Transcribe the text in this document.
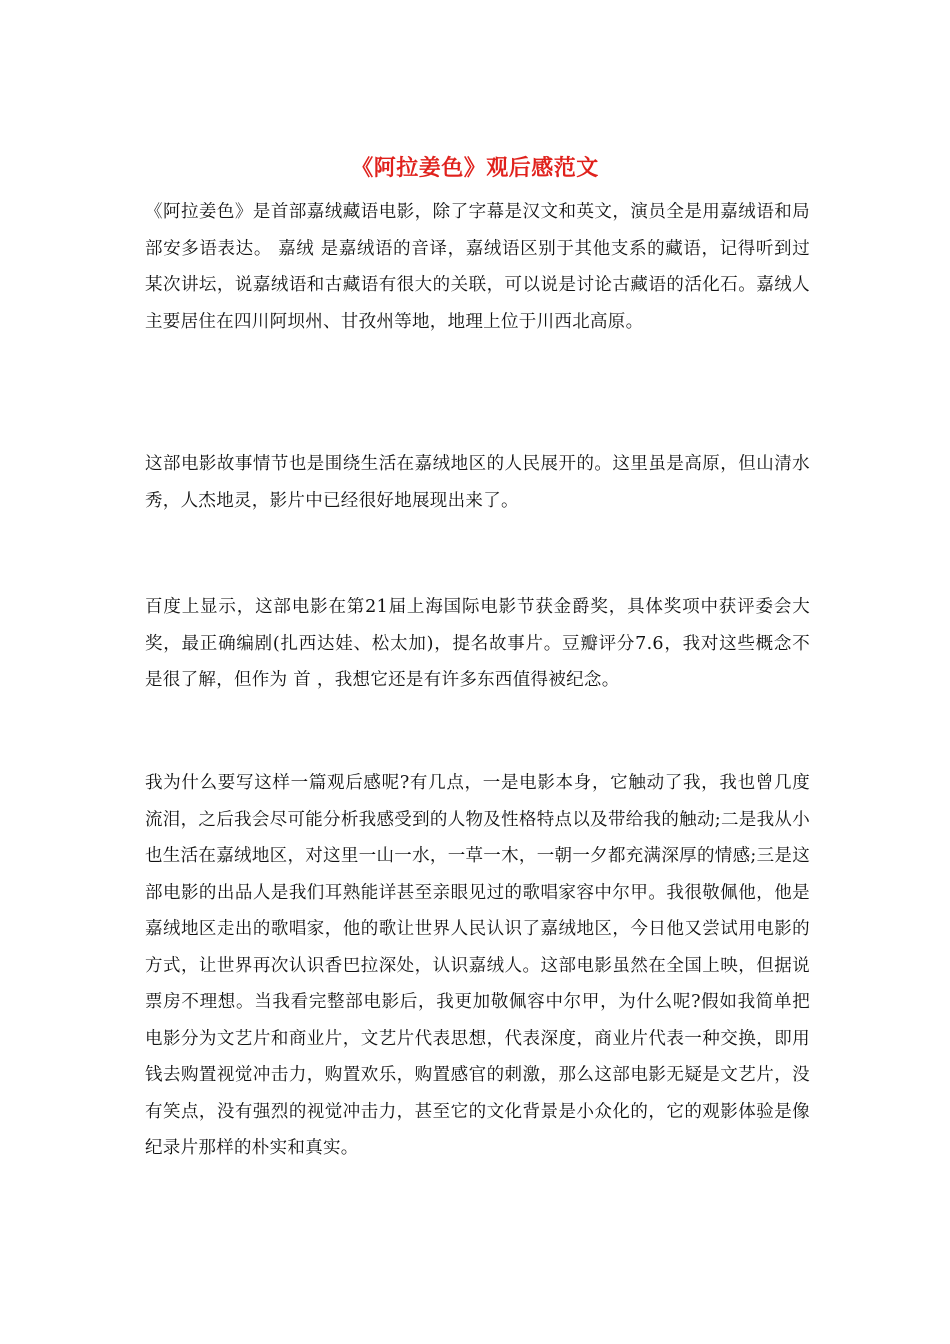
《阿拉姜色》观后感范文

《阿拉姜色》是首部嘉绒藏语电影，除了字幕是汉文和英文，演员全是用嘉绒语和局部安多语表达。 嘉绒 是嘉绒语的音译，嘉绒语区别于其他支系的藏语，记得听到过某次讲坛，说嘉绒语和古藏语有很大的关联，可以说是讨论古藏语的活化石。嘉绒人主要居住在四川阿坝州、甘孜州等地，地理上位于川西北高原。

这部电影故事情节也是围绕生活在嘉绒地区的人民展开的。这里虽是高原，但山清水秀，人杰地灵，影片中已经很好地展现出来了。

百度上显示，这部电影在第21届上海国际电影节获金爵奖，具体奖项中获评委会大奖，最正确编剧(扎西达娃、松太加)，提名故事片。豆瓣评分7.6，我对这些概念不是很了解，但作为 首 ，我想它还是有许多东西值得被纪念。

我为什么要写这样一篇观后感呢?有几点，一是电影本身，它触动了我，我也曾几度流泪，之后我会尽可能分析我感受到的人物及性格特点以及带给我的触动;二是我从小也生活在嘉绒地区，对这里一山一水，一草一木，一朝一夕都充满深厚的情感;三是这部电影的出品人是我们耳熟能详甚至亲眼见过的歌唱家容中尔甲。我很敬佩他，他是嘉绒地区走出的歌唱家，他的歌让世界人民认识了嘉绒地区，今日他又尝试用电影的方式，让世界再次认识香巴拉深处，认识嘉绒人。这部电影虽然在全国上映，但据说票房不理想。当我看完整部电影后，我更加敬佩容中尔甲，为什么呢?假如我简单把电影分为文艺片和商业片，文艺片代表思想，代表深度，商业片代表一种交换，即用钱去购置视觉冲击力，购置欢乐，购置感官的刺激，那么这部电影无疑是文艺片，没有笑点，没有强烈的视觉冲击力，甚至它的文化背景是小众化的，它的观影体验是像纪录片那样的朴实和真实。
